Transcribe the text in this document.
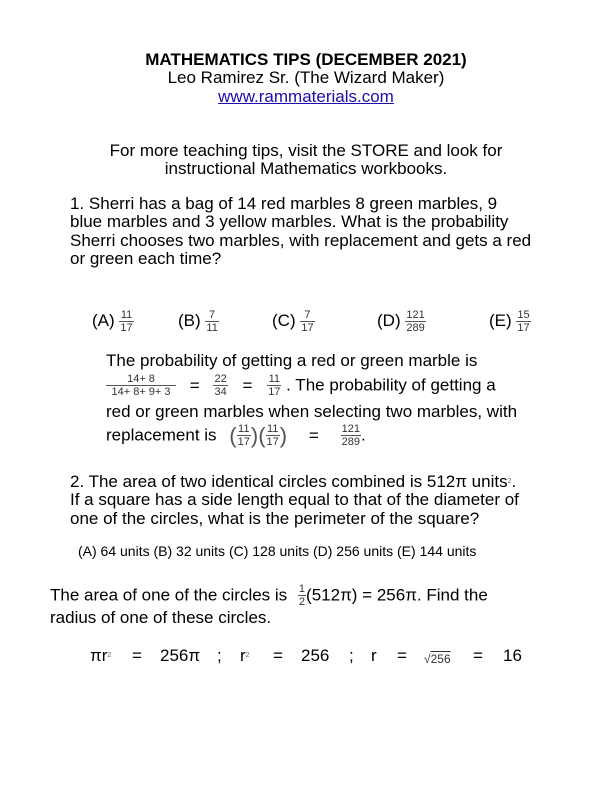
MATHEMATICS TIPS (DECEMBER 2021)
Leo Ramirez Sr. (The Wizard Maker)
www.rammaterials.com
For more teaching tips, visit the STORE and look for
instructional Mathematics workbooks.
1. Sherri has a bag of 14 red marbles 8 green marbles, 9
blue marbles and 3 yellow marbles. What is the probability
Sherri chooses two marbles, with replacement and gets a red
or green each time?
$(A) \frac{11}{17}$	$(B) \frac{7}{11}$	$(C) \frac{7}{17}$	$(D) \frac{121}{289}$	$(E) \frac{15}{17}$
The probability of getting a red or green marble is
$\frac{14+ 8}{14+ 8+ 9+ 3} = \frac{22}{34} = \frac{11}{17}$ . The probability of getting a
red or green marbles when selecting two marbles, with
replacement is ( $\frac{11}{17}$ )( $\frac{11}{17}$ ) = $\frac{121}{289}$ .
2. The area of two identical circles combined is 512π units$^2$.
If a square has a side length equal to that of the diameter of
one of the circles, what is the perimeter of the square?
(A) 64 units (B) 32 units (C) 128 units (D) 256 units (E) 144 units
The area of one of the circles is $\frac{1}{2} (512\pi) = 256\pi$. Find the
radius of one of these circles.
$\pi r^2 = 256\pi$ ; $r^2 = 256$ ; r = √256 = 16
